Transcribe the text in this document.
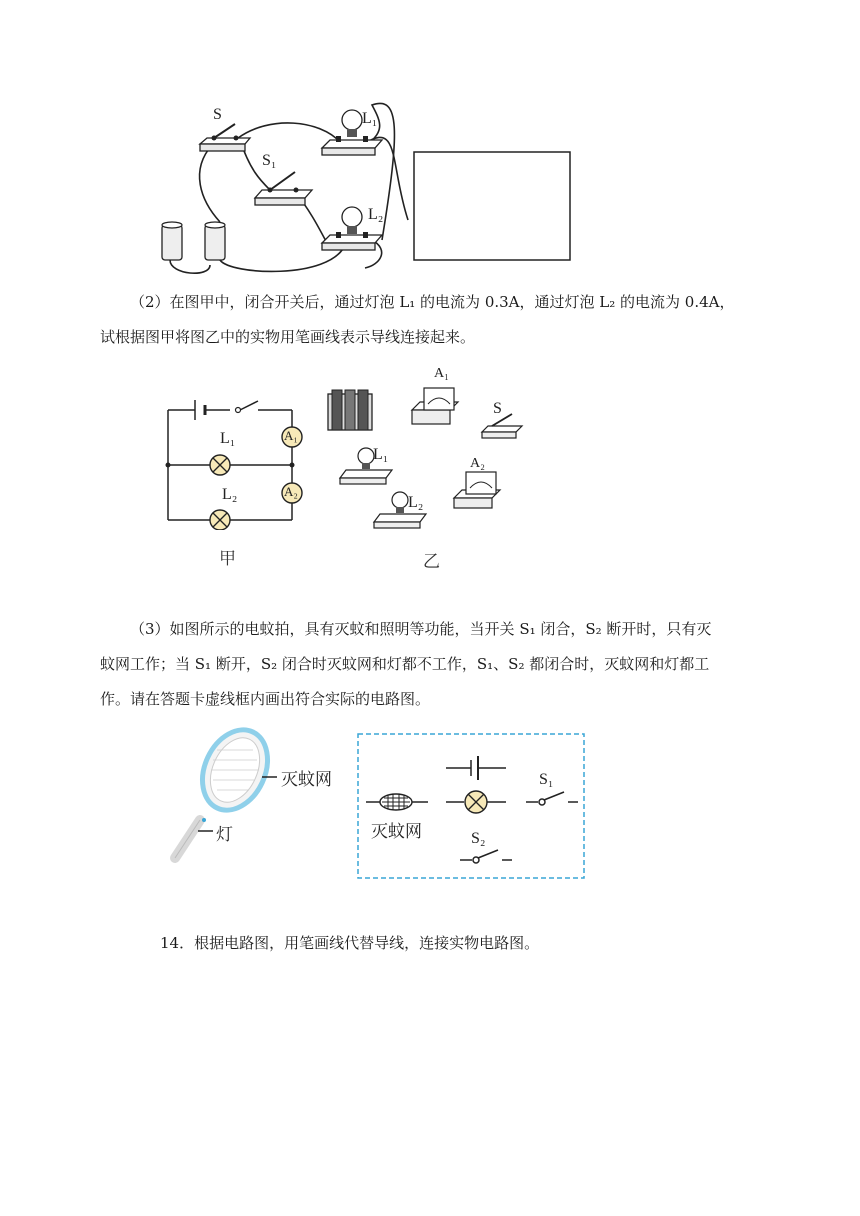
S	L₁
S₁
L₂
（2）在图甲中，闭合开关后，通过灯泡 L₁ 的电流为 0.3A，通过灯泡 L₂ 的电流为 0.4A，
试根据图甲将图乙中的实物用笔画线表示导线连接起来。
A₁
A₂
L₁
L₂
甲
A₁
S
L₁
A₂
L₂
乙
（3）如图所示的电蚊拍，具有灭蚊和照明等功能，当开关 S₁ 闭合，S₂ 断开时，只有灭
蚊网工作；当 S₁ 断开，S₂ 闭合时灭蚊网和灯都不工作，S₁、S₂ 都闭合时，灭蚊网和灯都工
作。请在答题卡虚线框内画出符合实际的电路图。
灭蚊网
灯	灭蚊网
S₁
S₂
14．根据电路图，用笔画线代替导线，连接实物电路图。
